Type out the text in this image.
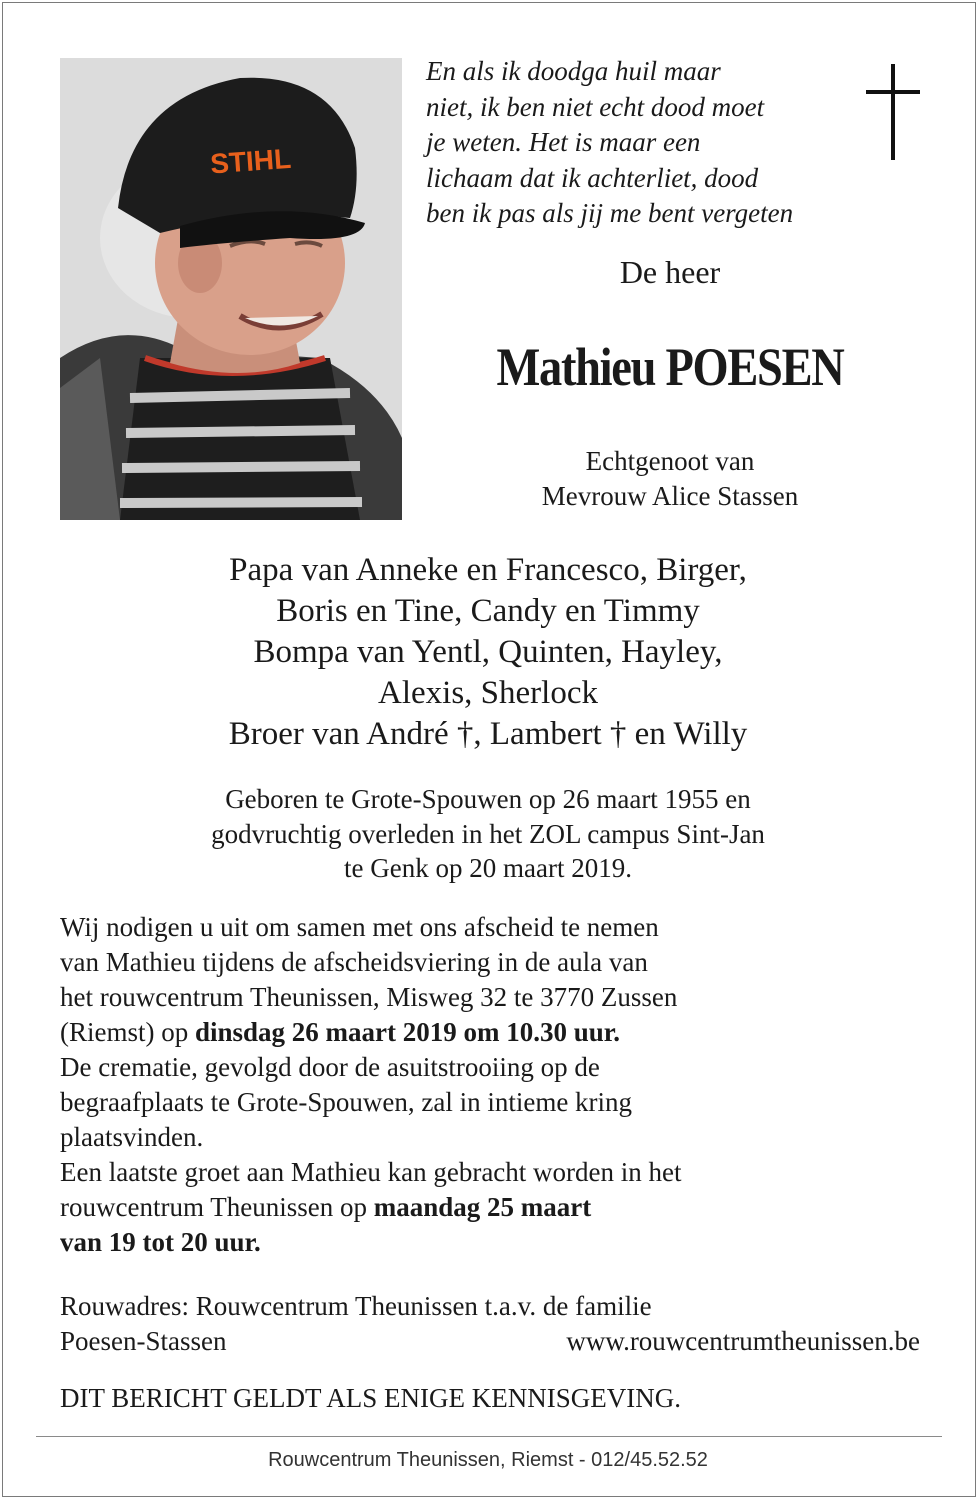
STIHL
En als ik doodga huil maar
niet, ik ben niet echt dood moet
je weten. Het is maar een
lichaam dat ik achterliet, dood
ben ik pas als jij me bent vergeten
De heer
Mathieu POESEN
Echtgenoot van
Mevrouw Alice Stassen
Papa van Anneke en Francesco, Birger,
Boris en Tine, Candy en Timmy
Bompa van Yentl, Quinten, Hayley,
Alexis, Sherlock
Broer van André †, Lambert † en Willy
Geboren te Grote-Spouwen op 26 maart 1955 en
godvruchtig overleden in het ZOL campus Sint-Jan
te Genk op 20 maart 2019.
Wij nodigen u uit om samen met ons afscheid te nemen
van Mathieu tijdens de afscheidsviering in de aula van
het rouwcentrum Theunissen, Misweg 32 te 3770 Zussen
(Riemst) op dinsdag 26 maart 2019 om 10.30 uur.
De crematie, gevolgd door de asuitstrooiing op de
begraafplaats te Grote-Spouwen, zal in intieme kring
plaatsvinden.
Een laatste groet aan Mathieu kan gebracht worden in het
rouwcentrum Theunissen op maandag 25 maart
van 19 tot 20 uur.
Rouwadres: Rouwcentrum Theunissen t.a.v. de familie
Poesen-Stassen	www.rouwcentrumtheunissen.be
DIT BERICHT GELDT ALS ENIGE KENNISGEVING.
Rouwcentrum Theunissen, Riemst - 012/45.52.52
